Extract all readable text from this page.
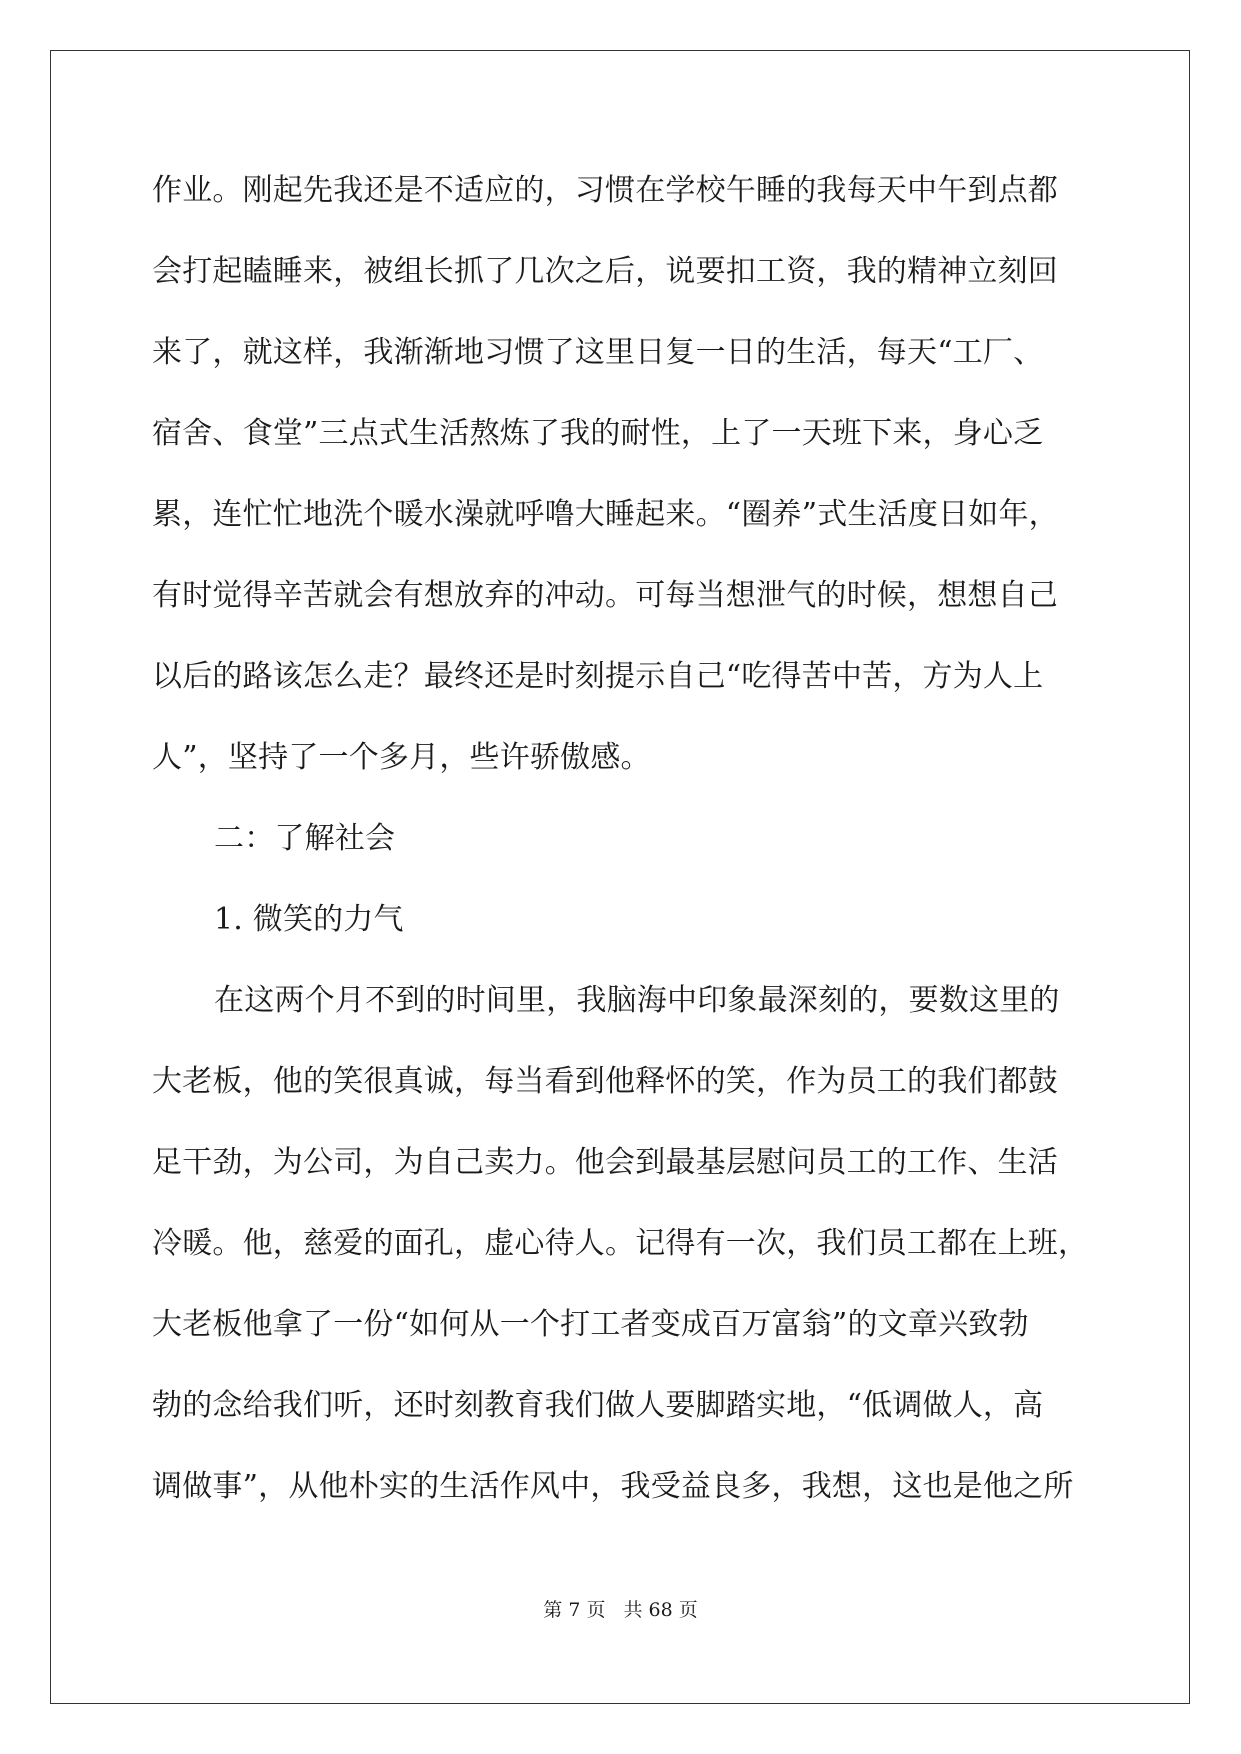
作业。刚起先我还是不适应的，习惯在学校午睡的我每天中午到点都
会打起瞌睡来，被组长抓了几次之后，说要扣工资，我的精神立刻回
来了，就这样，我渐渐地习惯了这里日复一日的生活，每天“工厂、
宿舍、食堂”三点式生活熬炼了我的耐性，上了一天班下来，身心乏
累，连忙忙地洗个暖水澡就呼噜大睡起来。“圈养”式生活度日如年，
有时觉得辛苦就会有想放弃的冲动。可每当想泄气的时候，想想自己
以后的路该怎么走？最终还是时刻提示自己“吃得苦中苦，方为人上
人”，坚持了一个多月，些许骄傲感。
二：了解社会
1. 微笑的力气
在这两个月不到的时间里，我脑海中印象最深刻的，要数这里的
大老板，他的笑很真诚，每当看到他释怀的笑，作为员工的我们都鼓
足干劲，为公司，为自己卖力。他会到最基层慰问员工的工作、生活
冷暖。他，慈爱的面孔，虚心待人。记得有一次，我们员工都在上班，
大老板他拿了一份“如何从一个打工者变成百万富翁”的文章兴致勃
勃的念给我们听，还时刻教育我们做人要脚踏实地，“低调做人，高
调做事”，从他朴实的生活作风中，我受益良多，我想，这也是他之所
第 7 页 共 68 页
